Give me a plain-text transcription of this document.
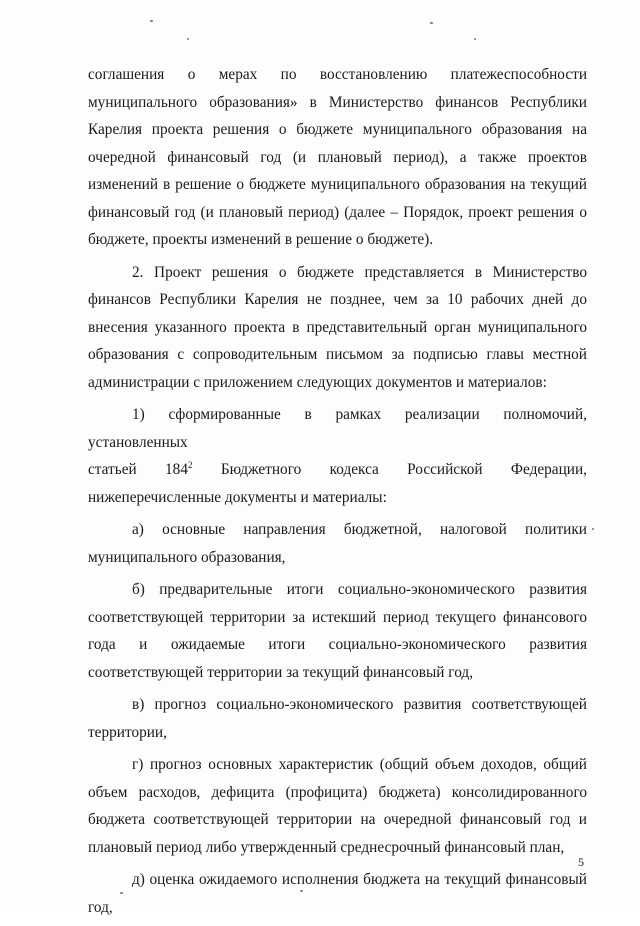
соглашения о мерах по восстановлению платежеспособности

муниципального образования» в Министерство финансов Республики Карелия проекта решения о бюджете муниципального образования на очередной финансовый год (и плановый период), а также проектов изменений в решение о бюджете муниципального образования на текущий финансовый год (и плановый период) (далее – Порядок, проект решения о бюджете, проекты изменений в решение о бюджете).

2. Проект решения о бюджете представляется в Министерство финансов Республики Карелия не позднее, чем за 10 рабочих дней до внесения указанного проекта в представительный орган муниципального образования с сопроводительным письмом за подписью главы местной администрации с приложением следующих документов и материалов:

1) сформированные в рамках реализации полномочий, установленных

статьей $184^2$ Бюджетного кодекса Российской Федерации,

нижеперечисленные документы и материалы:

а) основные направления бюджетной, налоговой политики

муниципального образования,

б) предварительные итоги социально-экономического развития

соответствующей территории за истекший период текущего финансового

года и ожидаемые итоги социально-экономического развития

соответствующей территории за текущий финансовый год,

в) прогноз социально-экономического развития соответствующей территории,

г) прогноз основных характеристик (общий объем доходов, общий объем расходов, дефицита (профицита) бюджета) консолидированного бюджета соответствующей территории на очередной финансовый год и плановый период либо утвержденный среднесрочный финансовый план,

д) оценка ожидаемого исполнения бюджета на текущий финансовый год,

5
